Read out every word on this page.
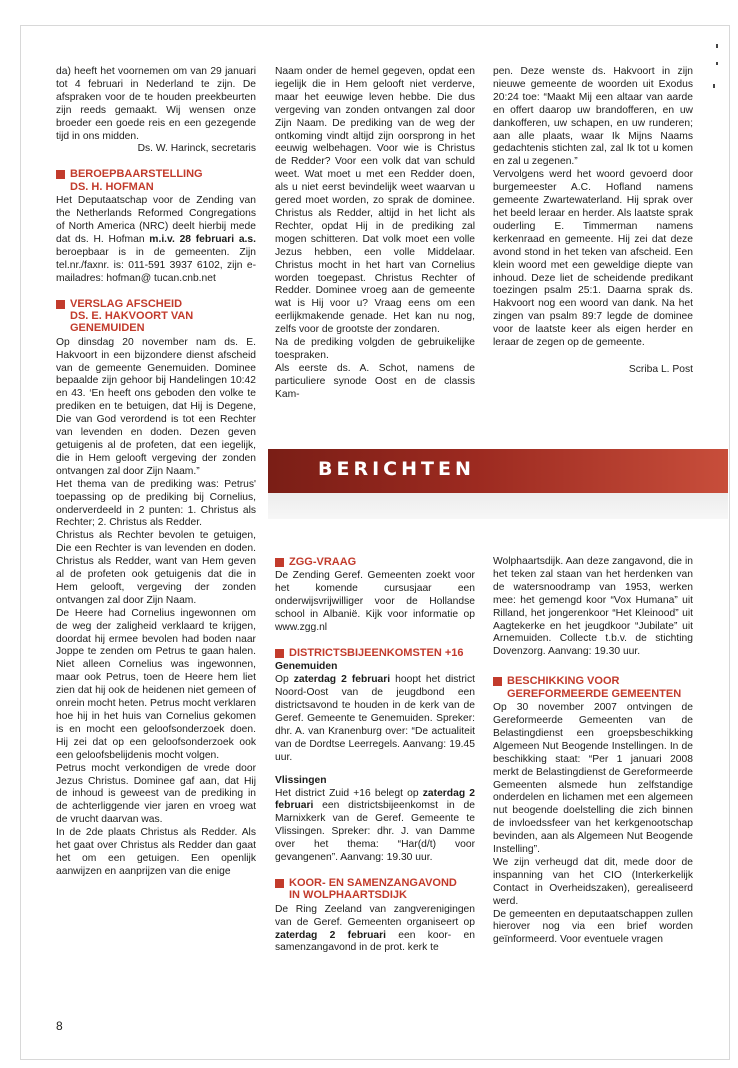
da) heeft het voornemen om van 29 januari tot 4 februari in Nederland te zijn. De afspraken voor de te houden preekbeurten zijn reeds gemaakt. Wij wensen onze broeder een goede reis en een gezegende tijd in ons midden.

Ds. W. Harinck, secretaris

BEROEPBAARSTELLING
DS. H. HOFMAN

Het Deputaatschap voor de Zending van the Netherlands Reformed Congregations of North America (NRC) deelt hierbij mede dat ds. H. Hofman m.i.v. 28 februari a.s. beroepbaar is in de gemeenten. Zijn tel.nr./faxnr. is: 011-591 3937 6102, zijn e-mailadres: hofman@ tucan.cnb.net

VERSLAG AFSCHEID
DS. E. HAKVOORT VAN
GENEMUIDEN

Op dinsdag 20 november nam ds. E. Hakvoort in een bijzondere dienst afscheid van de gemeente Genemuiden. Dominee bepaalde zijn gehoor bij Handelingen 10:42 en 43. ‘En heeft ons geboden den volke te prediken en te betuigen, dat Hij is Degene, Die van God verordend is tot een Rechter van levenden en doden. Dezen geven getuigenis al de profeten, dat een iegelijk, die in Hem gelooft vergeving der zonden ontvangen zal door Zijn Naam.”

Het thema van de prediking was: Petrus' toepassing op de prediking bij Cornelius, onderverdeeld in 2 punten: 1. Christus als Rechter; 2. Christus als Redder.

Christus als Rechter bevolen te getuigen, Die een Rechter is van levenden en doden. Christus als Redder, want van Hem geven al de profeten ook getuigenis dat die in Hem gelooft, vergeving der zonden ontvangen zal door Zijn Naam.

De Heere had Cornelius ingewonnen om de weg der zaligheid verklaard te krijgen, doordat hij ermee bevolen had boden naar Joppe te zenden om Petrus te gaan halen. Niet alleen Cornelius was ingewonnen, maar ook Petrus, toen de Heere hem liet zien dat hij ook de heidenen niet gemeen of onrein mocht heten. Petrus mocht verklaren hoe hij in het huis van Cornelius gekomen is en mocht een geloofsonderzoek doen. Hij zei dat op een geloofsonderzoek ook een geloofsbelijdenis mocht volgen.

Petrus mocht verkondigen de vrede door Jezus Christus. Dominee gaf aan, dat Hij de inhoud is geweest van de prediking in de achterliggende vier jaren en vroeg wat de vrucht daarvan was.

In de 2de plaats Christus als Redder. Als het gaat over Christus als Redder dan gaat het om een getuigen. Een openlijk aanwijzen en aanprijzen van die enige

Naam onder de hemel gegeven, opdat een iegelijk die in Hem gelooft niet verderve, maar het eeuwige leven hebbe. Die dus vergeving van zonden ontvangen zal door Zijn Naam. De prediking van de weg der ontkoming vindt altijd zijn oorsprong in het eeuwig welbehagen. Voor wie is Christus de Redder? Voor een volk dat van schuld weet. Wat moet u met een Redder doen, als u niet eerst bevindelijk weet waarvan u gered moet worden, zo sprak de dominee. Christus als Redder, altijd in het licht als Rechter, opdat Hij in de prediking zal mogen schitteren. Dat volk moet een volle Jezus hebben, een volle Middelaar. Christus mocht in het hart van Cornelius worden toegepast. Christus Rechter of Redder. Dominee vroeg aan de gemeente wat is Hij voor u? Vraag eens om een eerlijkmakende genade. Het kan nu nog, zelfs voor de grootste der zondaren.

Na de prediking volgden de gebruikelijke toespraken.

Als eerste ds. A. Schot, namens de particuliere synode Oost en de classis Kam-

pen. Deze wenste ds. Hakvoort in zijn nieuwe gemeente de woorden uit Exodus 20:24 toe: “Maakt Mij een altaar van aarde en offert daarop uw brandofferen, en uw dankofferen, uw schapen, en uw runderen; aan alle plaats, waar Ik Mijns Naams gedachtenis stichten zal, zal Ik tot u komen en zal u zegenen.”

Vervolgens werd het woord gevoerd door burgemeester A.C. Hofland namens gemeente Zwartewaterland. Hij sprak over het beeld leraar en herder. Als laatste sprak ouderling E. Timmerman namens kerkenraad en gemeente. Hij zei dat deze avond stond in het teken van afscheid. Een klein woord met een geweldige diepte van inhoud. Deze liet de scheidende predikant toezingen psalm 25:1. Daarna sprak ds. Hakvoort nog een woord van dank. Na het zingen van psalm 89:7 legde de dominee voor de laatste keer als eigen herder en leraar de zegen op de gemeente.

Scriba L. Post

BERICHTEN
ZGG-VRAAG

De Zending Geref. Gemeenten zoekt voor het komende cursusjaar een onderwijsvrijwilliger voor de Hollandse school in Albanië. Kijk voor informatie op www.zgg.nl

DISTRICTSBIJEENKOMSTEN +16

Genemuiden

Op zaterdag 2 februari hoopt het district Noord-Oost van de jeugdbond een districtsavond te houden in de kerk van de Geref. Gemeente te Genemuiden. Spreker: dhr. A. van Kranenburg over: “De actualiteit van de Dordtse Leerregels. Aanvang: 19.45 uur.

Vlissingen

Het district Zuid +16 belegt op zaterdag 2 februari een districtsbijeenkomst in de Marnixkerk van de Geref. Gemeente te Vlissingen. Spreker: dhr. J. van Damme over het thema: “Har(d/t) voor gevangenen”. Aanvang: 19.30 uur.

KOOR- EN SAMENZANGAVOND
IN WOLPHAARTSDIJK

De Ring Zeeland van zangverenigingen van de Geref. Gemeenten organiseert op zaterdag 2 februari een koor- en samenzangavond in de prot. kerk te

Wolphaartsdijk. Aan deze zangavond, die in het teken zal staan van het herdenken van de watersnoodramp van 1953, werken mee: het gemengd koor “Vox Humana” uit Rilland, het jongerenkoor “Het Kleinood” uit Aagtekerke en het jeugdkoor “Jubilate” uit Arnemuiden. Collecte t.b.v. de stichting Dovenzorg. Aanvang: 19.30 uur.

BESCHIKKING VOOR
GEREFORMEERDE GEMEENTEN

Op 30 november 2007 ontvingen de Gereformeerde Gemeenten van de Belastingdienst een groepsbeschikking Algemeen Nut Beogende Instellingen. In de beschikking staat: “Per 1 januari 2008 merkt de Belastingdienst de Gereformeerde Gemeenten alsmede hun zelfstandige onderdelen en lichamen met een algemeen nut beogende doelstelling die zich binnen de invloedssfeer van het kerkgenootschap bevinden, aan als Algemeen Nut Beogende Instelling”.

We zijn verheugd dat dit, mede door de inspanning van het CIO (Interkerkelijk Contact in Overheidszaken), gerealiseerd werd.

De gemeenten en deputaatschappen zullen hierover nog via een brief worden geïnformeerd. Voor eventuele vragen

8
